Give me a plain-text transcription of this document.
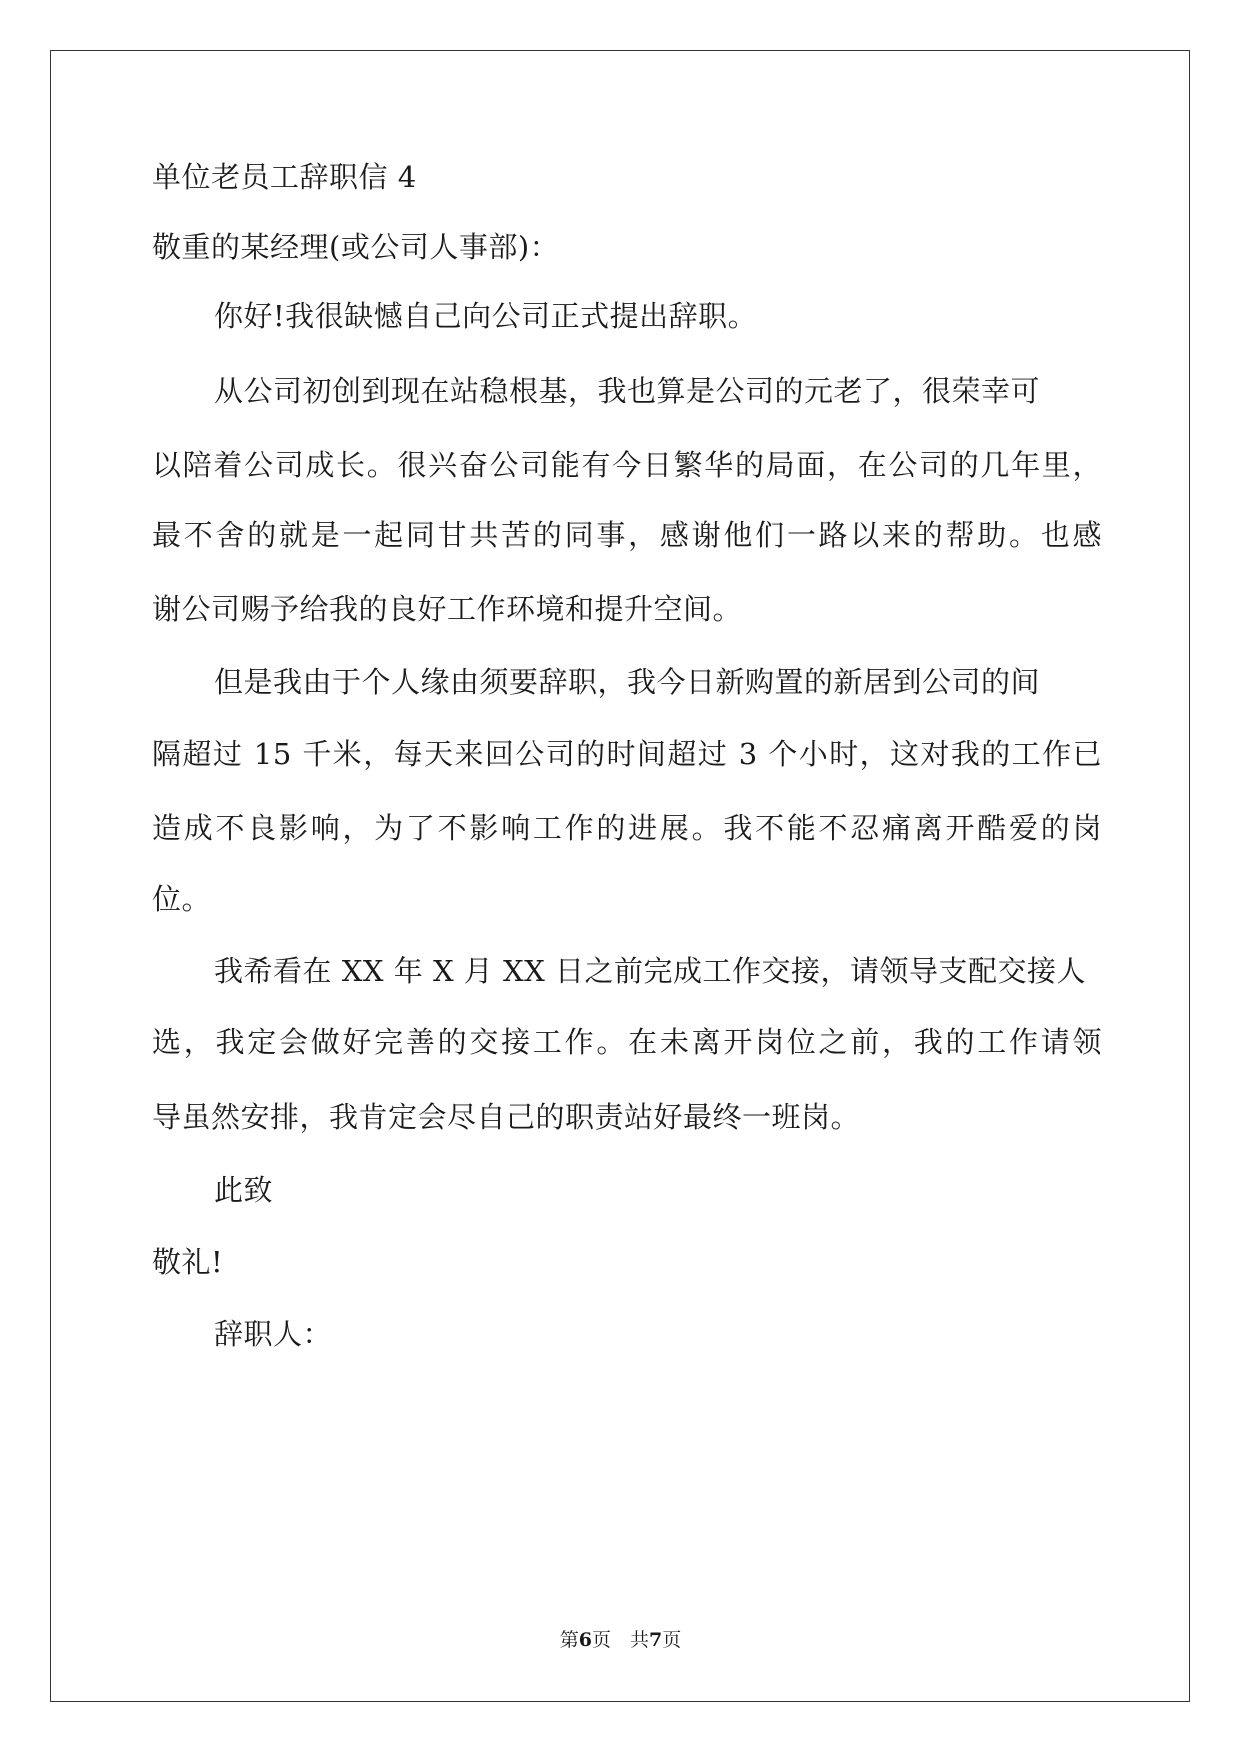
单位老员工辞职信 4
敬重的某经理(或公司人事部)：
你好!我很缺憾自己向公司正式提出辞职。
从公司初创到现在站稳根基，我也算是公司的元老了，很荣幸可
以陪着公司成长。很兴奋公司能有今日繁华的局面，在公司的几年里，
最不舍的就是一起同甘共苦的同事，感谢他们一路以来的帮助。也感
谢公司赐予给我的良好工作环境和提升空间。
但是我由于个人缘由须要辞职，我今日新购置的新居到公司的间
隔超过 15 千米，每天来回公司的时间超过 3 个小时，这对我的工作已
造成不良影响，为了不影响工作的进展。我不能不忍痛离开酷爱的岗
位。
我希看在 XX 年 X 月 XX 日之前完成工作交接，请领导支配交接人
选，我定会做好完善的交接工作。在未离开岗位之前，我的工作请领
导虽然安排，我肯定会尽自己的职责站好最终一班岗。
此致
敬礼!
辞职人：
第6页　共7页
